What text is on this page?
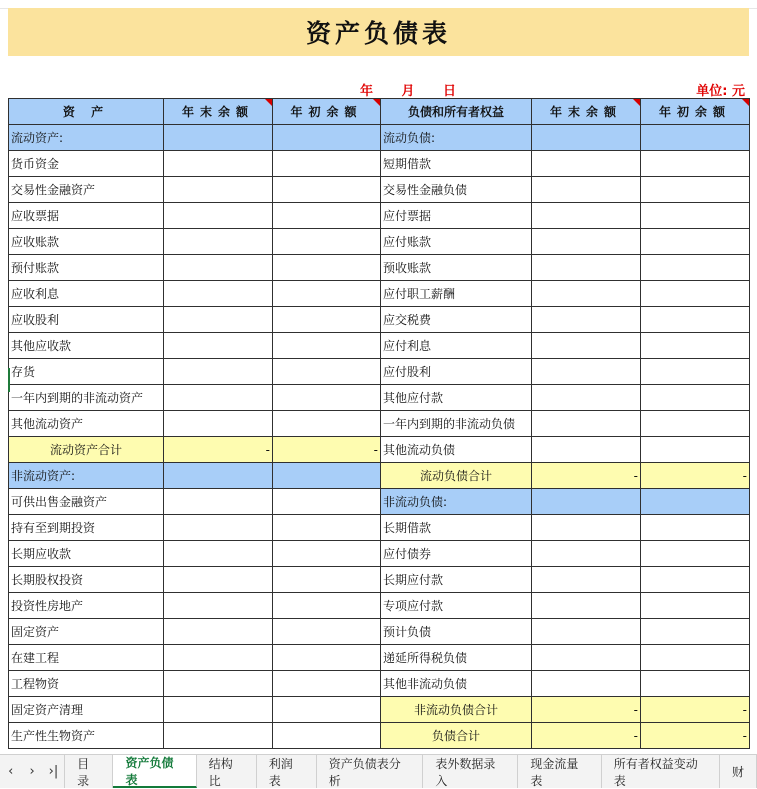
资产负债表
年 月 日	单位: 元
资 产	年末余额	年初余额	负债和所有者权益	年末余额	年初余额

流动资产:			流动负债:		
货币资金			短期借款		
交易性金融资产			交易性金融负债		
应收票据			应付票据		
应收账款			应付账款		
预付账款			预收账款		
应收利息			应付职工薪酬		
应收股利			应交税费		
其他应收款			应付利息		
存货			应付股利		
一年内到期的非流动资产			其他应付款		
其他流动资产			一年内到期的非流动负债		
流动资产合计	-	-	其他流动负债		
非流动资产:			流动负债合计	-	-
可供出售金融资产			非流动负债:		
持有至到期投资			长期借款		
长期应收款			应付债券		
长期股权投资			长期应付款		
投资性房地产			专项应付款		
固定资产			预计负债		
在建工程			递延所得税负债		
工程物资			其他非流动负债		
固定资产清理			非流动负债合计	-	-
生产性生物资产			负债合计	-	-
‹	›	›|
目录
资产负债表
结构比
利润表
资产负债表分析
表外数据录入
现金流量表
所有者权益变动表
财
